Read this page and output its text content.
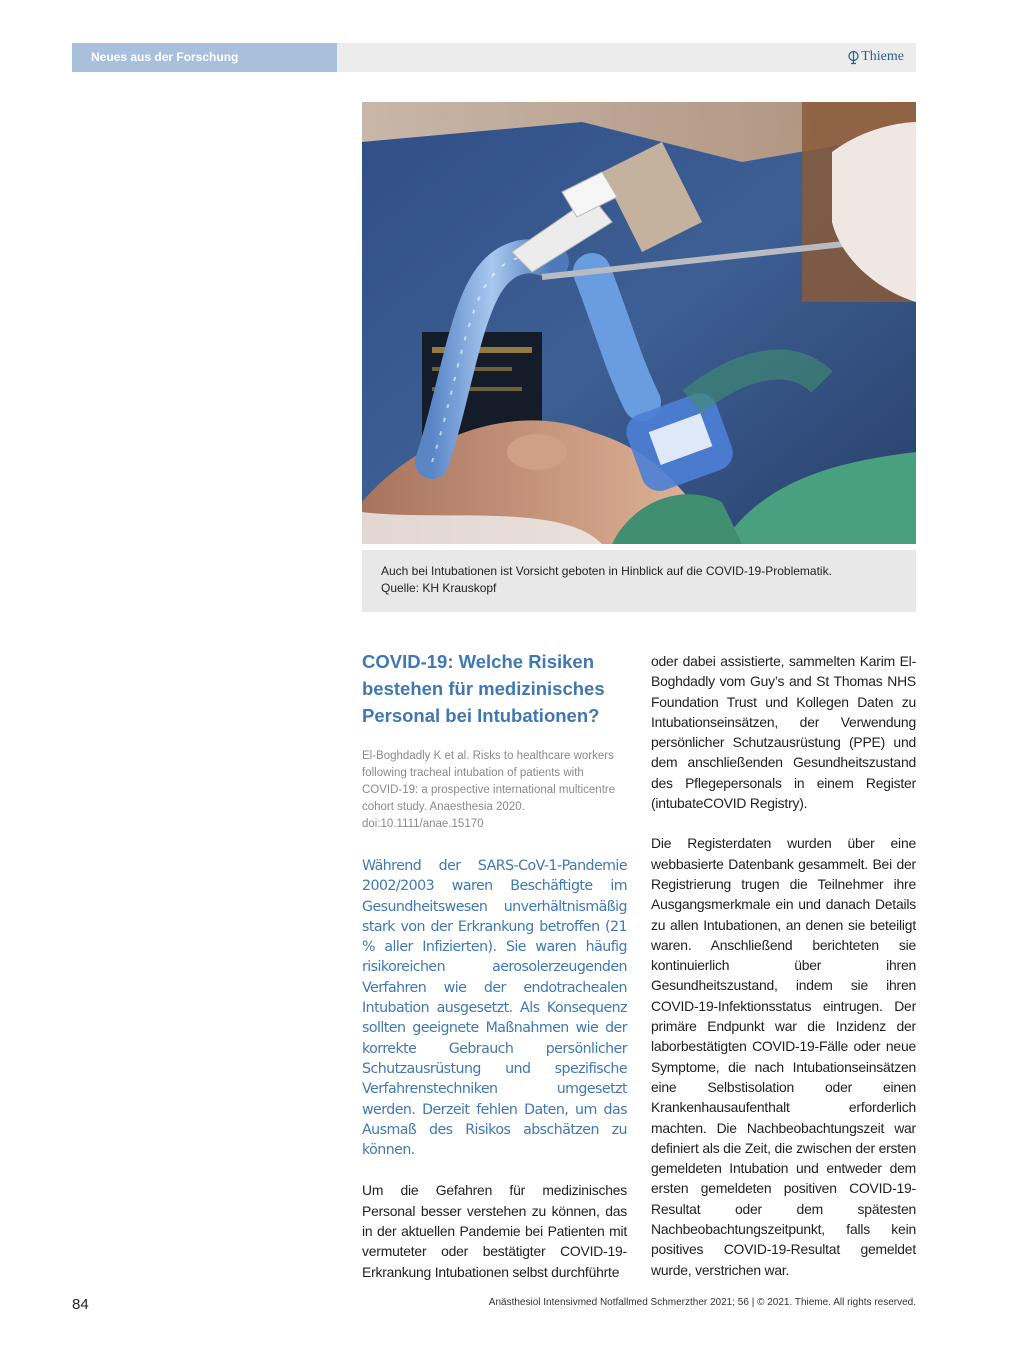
Neues aus der Forschung	Thieme
Auch bei Intubationen ist Vorsicht geboten in Hinblick auf die COVID-19-Problematik.
Quelle: KH Krauskopf
COVID-19: Welche Risiken bestehen für medizinisches Personal bei Intubationen?
El-Boghdadly K et al. Risks to healthcare workers following tracheal intubation of patients with COVID-19: a prospective international multicentre cohort study. Anaesthesia 2020. doi:10.1111/anae.15170
Während der SARS-CoV-1-Pandemie 2002/2003 waren Beschäftigte im Gesundheitswesen unverhältnismäßig stark von der Erkrankung betroffen (21 % aller Infizierten). Sie waren häufig risikoreichen aerosolerzeugenden Verfahren wie der endotrachealen Intubation ausgesetzt. Als Konsequenz sollten geeignete Maßnahmen wie der korrekte Gebrauch persönlicher Schutzausrüstung und spezifische Verfahrenstechniken umgesetzt werden. Derzeit fehlen Daten, um das Ausmaß des Risikos abschätzen zu können.
Um die Gefahren für medizinisches Personal besser verstehen zu können, das in der aktuellen Pandemie bei Patienten mit vermuteter oder bestätigter COVID-19-Erkrankung Intubationen selbst durchführte
oder dabei assistierte, sammelten Karim El-Boghdadly vom Guy’s and St Thomas NHS Foundation Trust und Kollegen Daten zu Intubationseinsätzen, der Verwendung persönlicher Schutzausrüstung (PPE) und dem anschließenden Gesundheitszustand des Pflegepersonals in einem Register (intubateCOVID Registry).
Die Registerdaten wurden über eine webbasierte Datenbank gesammelt. Bei der Registrierung trugen die Teilnehmer ihre Ausgangsmerkmale ein und danach Details zu allen Intubationen, an denen sie beteiligt waren. Anschließend berichteten sie kontinuierlich über ihren Gesundheitszustand, indem sie ihren COVID-19-Infektionsstatus eintrugen. Der primäre Endpunkt war die Inzidenz der laborbestätigten COVID-19-Fälle oder neue Symptome, die nach Intubationseinsätzen eine Selbstisolation oder einen Krankenhausaufenthalt erforderlich machten. Die Nachbeobachtungszeit war definiert als die Zeit, die zwischen der ersten gemeldeten Intubation und entweder dem ersten gemeldeten positiven COVID-19-Resultat oder dem spätesten Nachbeobachtungszeitpunkt, falls kein positives COVID-19-Resultat gemeldet wurde, verstrichen war.
84	Anästhesiol Intensivmed Notfallmed Schmerzther 2021; 56 | © 2021. Thieme. All rights reserved.
